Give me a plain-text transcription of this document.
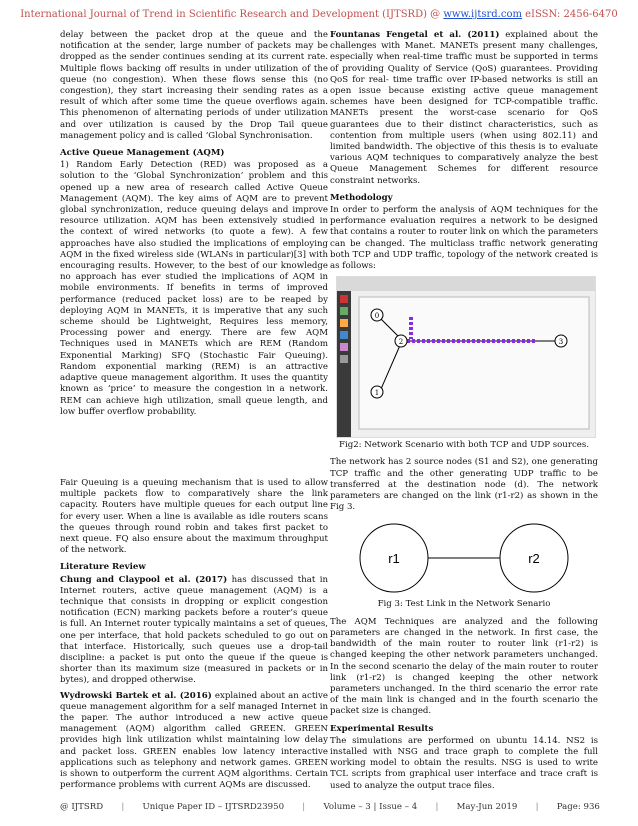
International Journal of Trend in Scientific Research and Development (IJTSRD) @ www.ijtsrd.com eISSN: 2456-6470

delay between the packet drop at the queue and the notification at the sender, large number of packets may be dropped as the sender continues sending at its current rate. Multiple flows backing off results in under utilization of the queue (no congestion). When these flows sense this (no congestion), they start increasing their sending rates as a result of which after some time the queue overflows again. This phenomenon of alternating periods of under utilization and over utilization is caused by the Drop Tail queue management policy and is called ‘Global Synchronisation.

Active Queue Management (AQM)

1) Random Early Detection (RED) was proposed as a solution to the ‘Global Synchronization’ problem and this opened up a new area of research called Active Queue Management (AQM). The key aims of AQM are to prevent global synchronization, reduce queuing delays and improve resource utilization. AQM has been extensively studied in the context of wired networks (to quote a few). A few approaches have also studied the implications of employing AQM in the fixed wireless side (WLANs in particular)[3] with encouraging results. However, to the best of our knowledge no approach has ever studied the implications of AQM in mobile environments. If benefits in terms of improved performance (reduced packet loss) are to be reaped by deploying AQM in MANETs, it is imperative that any such scheme should be Lightweight, Requires less memory, Processing power and energy. There are few AQM Techniques used in MANETs which are REM (Random Exponential Marking) SFQ (Stochastic Fair Queuing). Random exponential marking (REM) is an attractive adaptive queue management algorithm. It uses the quantity known as ‘price’ to measure the congestion in a network. REM can achieve high utilization, small queue length, and low buffer overflow probability.

Fair Queuing is a queuing mechanism that is used to allow multiple packets flow to comparatively share the link capacity. Routers have multiple queues for each output line for every user. When a line is available as idle routers scans the queues through round robin and takes first packet to next queue. FQ also ensure about the maximum throughput of the network.

Literature Review

Chung and Claypool et al. (2017) has discussed that in Internet routers, active queue management (AQM) is a technique that consists in dropping or explicit congestion notification (ECN) marking packets before a router’s queue is full. An Internet router typically maintains a set of queues, one per interface, that hold packets scheduled to go out on that interface. Historically, such queues use a drop-tail discipline: a packet is put onto the queue if the queue is shorter than its maximum size (measured in packets or in bytes), and dropped otherwise.

Wydrowski Bartek et al. (2016) explained about an active queue management algorithm for a self managed Internet in the paper. The author introduced a new active queue management (AQM) algorithm called GREEN. GREEN provides high link utilization whilst maintaining low delay and packet loss. GREEN enables low latency interactive applications such as telephony and network games. GREEN is shown to outperform the current AQM algorithms. Certain performance problems with current AQMs are discussed.

Fountanas Fengetal et al. (2011) explained about the challenges with Manet. MANETs present many challenges, especially when real-time traffic must be supported in terms of providing Quality of Service (QoS) guarantees. Providing QoS for real- time traffic over IP-based networks is still an open issue because existing active queue management schemes have been designed for TCP-compatible traffic. MANETs present the worst-case scenario for QoS guarantees due to their distinct characteristics, such as contention from multiple users (when using 802.11) and limited bandwidth. The objective of this thesis is to evaluate various AQM techniques to comparatively analyze the best Queue Management Schemes for different resource constraint networks.

Methodology

In order to perform the analysis of AQM techniques for the performance evaluation requires a network to be designed that contains a router to router link on which the parameters can be changed. The multiclass traffic network generating both TCP and UDP traffic, topology of the network created is as follows:

0
1
2	3
Fig2: Network Scenario with both TCP and UDP sources.

The network has 2 source nodes (S1 and S2), one generating TCP traffic and the other generating UDP traffic to be transferred at the destination node (d). The network parameters are changed on the link (r1-r2) as shown in the Fig 3.

r1	r2
Fig 3: Test Link in the Network Senario

The AQM Techniques are analyzed and the following parameters are changed in the network. In first case, the bandwidth of the main router to router link (r1-r2) is changed keeping the other network parameters unchanged. In the second scenario the delay of the main router to router link (r1-r2) is changed keeping the other network parameters unchanged. In the third scenario the error rate of the main link is changed and in the fourth scenario the packet size is changed.

Experimental Results

The simulations are performed on ubuntu 14.14. NS2 is installed with NSG and trace graph to complete the full working model to obtain the results. NSG is used to write TCL scripts from graphical user interface and trace craft is used to analyze the output trace files.

@ IJTSRD | Unique Paper ID – IJTSRD23950 | Volume – 3 | Issue – 4 | May-Jun 2019 | Page: 936
